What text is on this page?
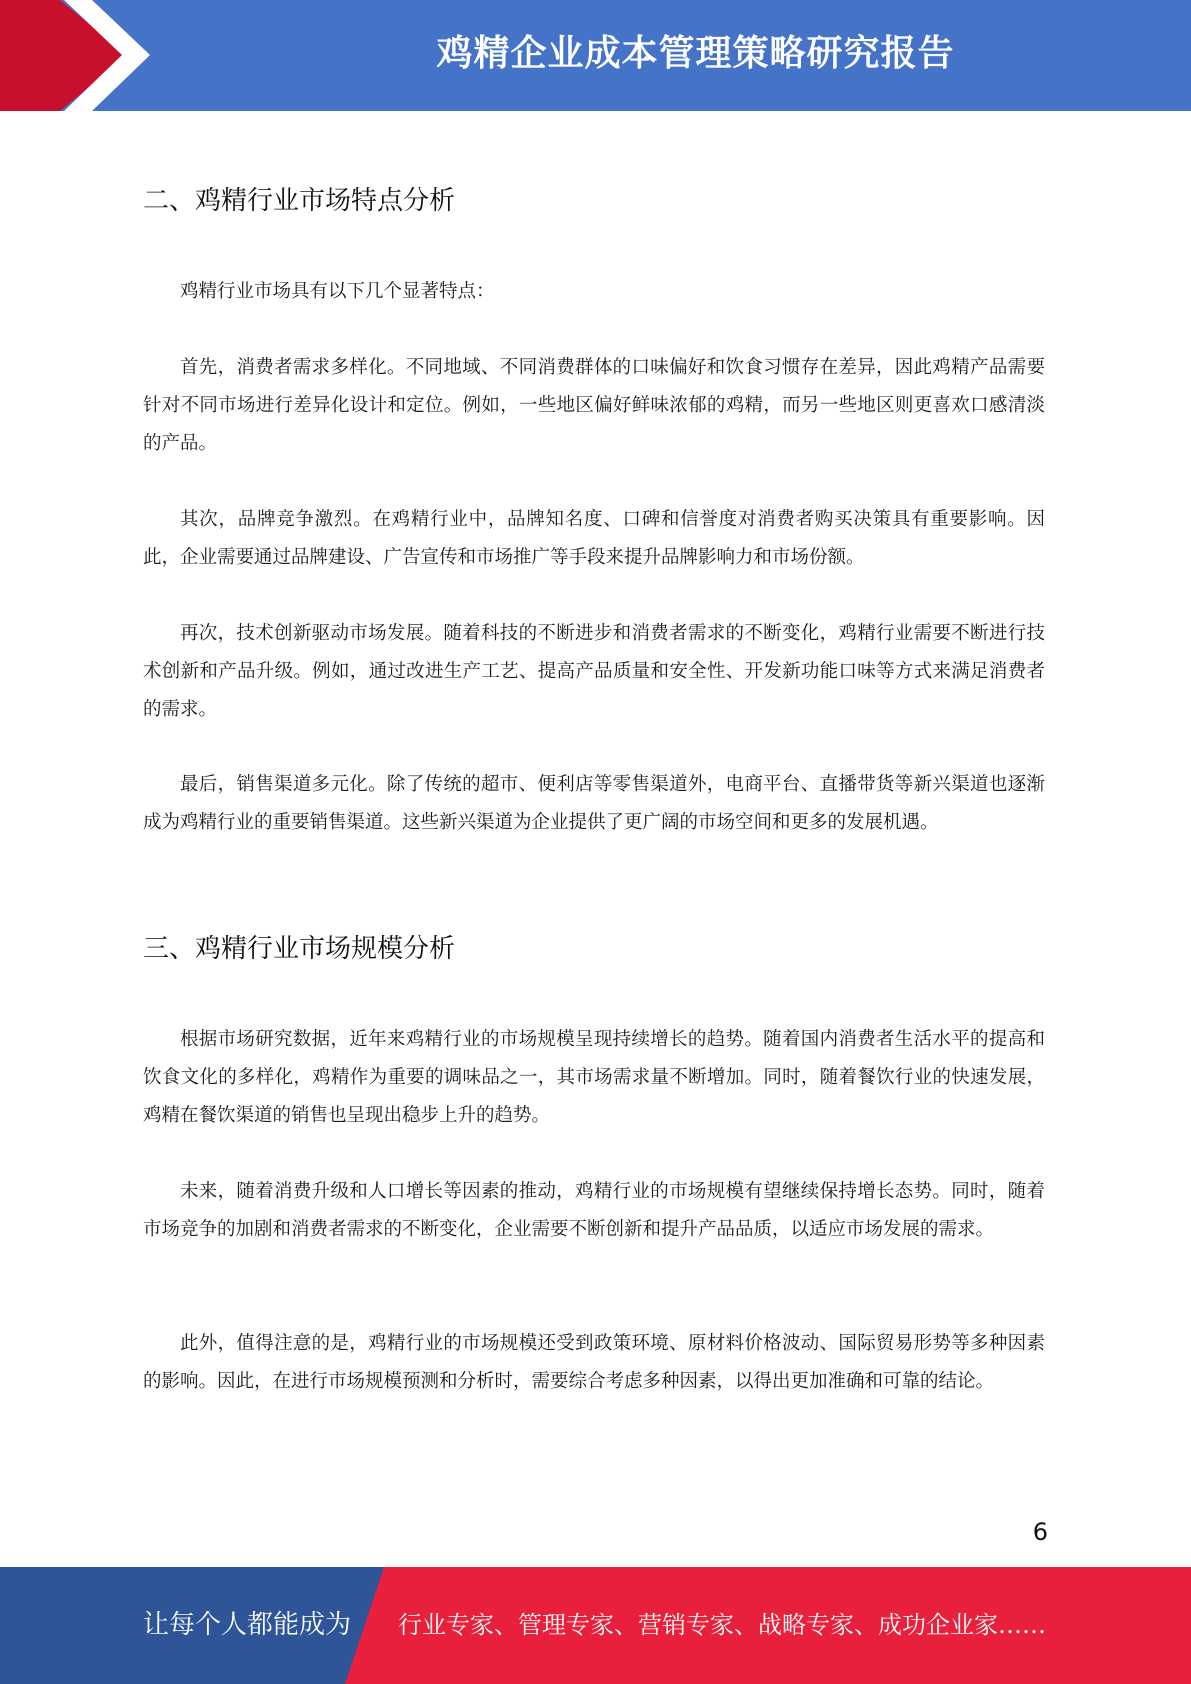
鸡精企业成本管理策略研究报告
二、鸡精行业市场特点分析

鸡精行业市场具有以下几个显著特点：

首先，消费者需求多样化。不同地域、不同消费群体的口味偏好和饮食习惯存在差异，因此鸡精产品需要针对不同市场进行差异化设计和定位。例如，一些地区偏好鲜味浓郁的鸡精，而另一些地区则更喜欢口感清淡的产品。

其次，品牌竞争激烈。在鸡精行业中，品牌知名度、口碑和信誉度对消费者购买决策具有重要影响。因此，企业需要通过品牌建设、广告宣传和市场推广等手段来提升品牌影响力和市场份额。

再次，技术创新驱动市场发展。随着科技的不断进步和消费者需求的不断变化，鸡精行业需要不断进行技术创新和产品升级。例如，通过改进生产工艺、提高产品质量和安全性、开发新功能口味等方式来满足消费者的需求。

最后，销售渠道多元化。除了传统的超市、便利店等零售渠道外，电商平台、直播带货等新兴渠道也逐渐成为鸡精行业的重要销售渠道。这些新兴渠道为企业提供了更广阔的市场空间和更多的发展机遇。

三、鸡精行业市场规模分析

根据市场研究数据，近年来鸡精行业的市场规模呈现持续增长的趋势。随着国内消费者生活水平的提高和饮食文化的多样化，鸡精作为重要的调味品之一，其市场需求量不断增加。同时，随着餐饮行业的快速发展，鸡精在餐饮渠道的销售也呈现出稳步上升的趋势。

未来，随着消费升级和人口增长等因素的推动，鸡精行业的市场规模有望继续保持增长态势。同时，随着市场竞争的加剧和消费者需求的不断变化，企业需要不断创新和提升产品品质，以适应市场发展的需求。

此外，值得注意的是，鸡精行业的市场规模还受到政策环境、原材料价格波动、国际贸易形势等多种因素的影响。因此，在进行市场规模预测和分析时，需要综合考虑多种因素，以得出更加准确和可靠的结论。

6
让每个人都能成为 行业专家、管理专家、营销专家、战略专家、成功企业家……
